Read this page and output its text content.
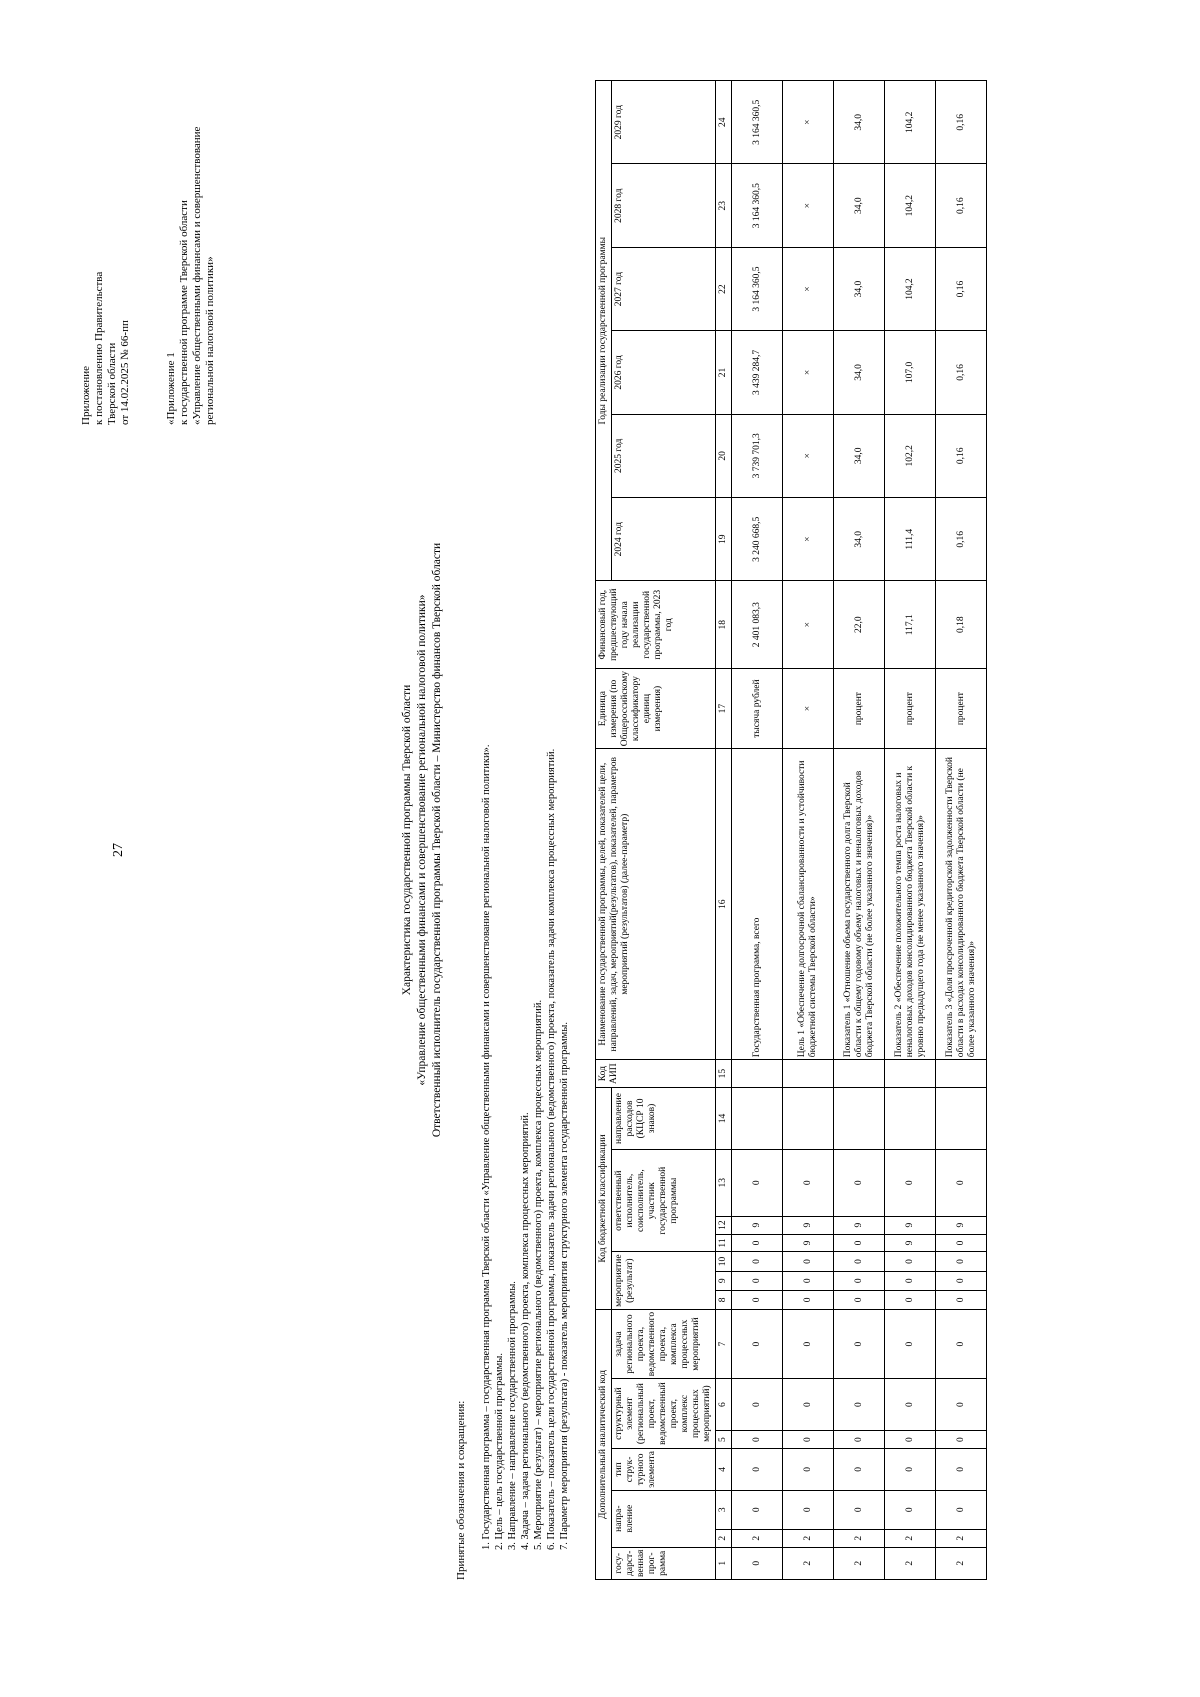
27
Приложение к постановлению Правительства Тверской области от 14.02.2025 № 66-пп	«Приложение 1 к государственной программе Тверской области «Управление общественными финансами и совершенствование региональной налоговой политики»
Характеристика государственной программы Тверской области «Управление общественными финансами и совершенствование региональной налоговой политики» Ответственный исполнитель государственной программы Тверской области – Министерство финансов Тверской области
Принятые обозначения и сокращения: 1. Государственная программа – государственная программа Тверской области «Управление общественными финансами и совершенствование региональной налоговой политики». 2. Цель – цель государственной программы. 3. Направление – направление государственной программы. 4. Задача – задача регионального (ведомственного) проекта, комплекса процессных мероприятий. 5. Мероприятие (результат) – мероприятие регионального (ведомственного) проекта, комплекса процессных мероприятий. 6. Показатель – показатель цели государственной программы, показатель задачи регионального (ведомственного) проекта, показатель задачи комплекса процессных мероприятий. 7. Параметр мероприятия (результата) - показатель мероприятия структурного элемента государственной программы.	Дополнительный аналитический код							Код бюджетной классификации							Код АИП	Наименование государственной программы, целей, показателей цели, направлений, задач, мероприятий(результатов), показателей, параметров мероприятий (результатов) (далее-параметр)	Единица измерения (по Общероссийскому классификатору единиц измерения)	Финансовый год, предшествующий году начала реализации государственной программы, 2023 год	Годы реализации государственной программы					
госу-дарст-венная прог-рамма	напра-вление		тип струк-турного элемента	структурный элемент (региональный проект, ведомственный проект, комплекс процессных мероприятий)		задача регионального проекта, ведомственного проекта, комплекса процессных мероприятий	мероприятие (результат)			ответственный исполнитель, соисполнитель, участник государственной программы			направление расходов (КЦСР 10 знаков)					2024 год	2025 год	2026 год	2027 год	2028 год	2029 год
1	2	3	4	5	6	7	8	9	10	11	12	13	14	15	16	17	18	19	20	21	22	23	24
0	2	0	0	0	0	0	0	0	0	0	9	0			Государственная программа, всего	тысяча рублей	2 401 083,3	3 240 668,5	3 739 701,3	3 439 284,7	3 164 360,5	3 164 360,5	3 164 360,5
2	2	0	0	0	0	0	0	0	0	9	9	0			Цель 1 «Обеспечение долгосрочной сбалансированности и устойчивости бюджетной системы Тверской области»	×	×	×	×	×	×	×	×
2	2	0	0	0	0	0	0	0	0	0	9	0			Показатель 1 «Отношение объема государственного долга Тверской области к общему годовому объему налоговых и неналоговых доходов бюджета Тверской области (не более указанного значения)»	процент	22,0	34,0	34,0	34,0	34,0	34,0	34,0
2	2	0	0	0	0	0	0	0	0	9	9	0			Показатель 2 «Обеспечение положительного темпа роста налоговых и неналоговых доходов консолидированного бюджета Тверской области к уровню предыдущего года (не менее указанного значения)»	процент	117,1	111,4	102,2	107,0	104,2	104,2	104,2
2	2	0	0	0	0	0	0	0	0	0	9	0			Показатель 3 «Доля просроченной кредиторской задолженности Тверской области в расходах консолидированного бюджета Тверской области (не более указанного значения)»	процент	0,18	0,16	0,16	0,16	0,16	0,16	0,16
